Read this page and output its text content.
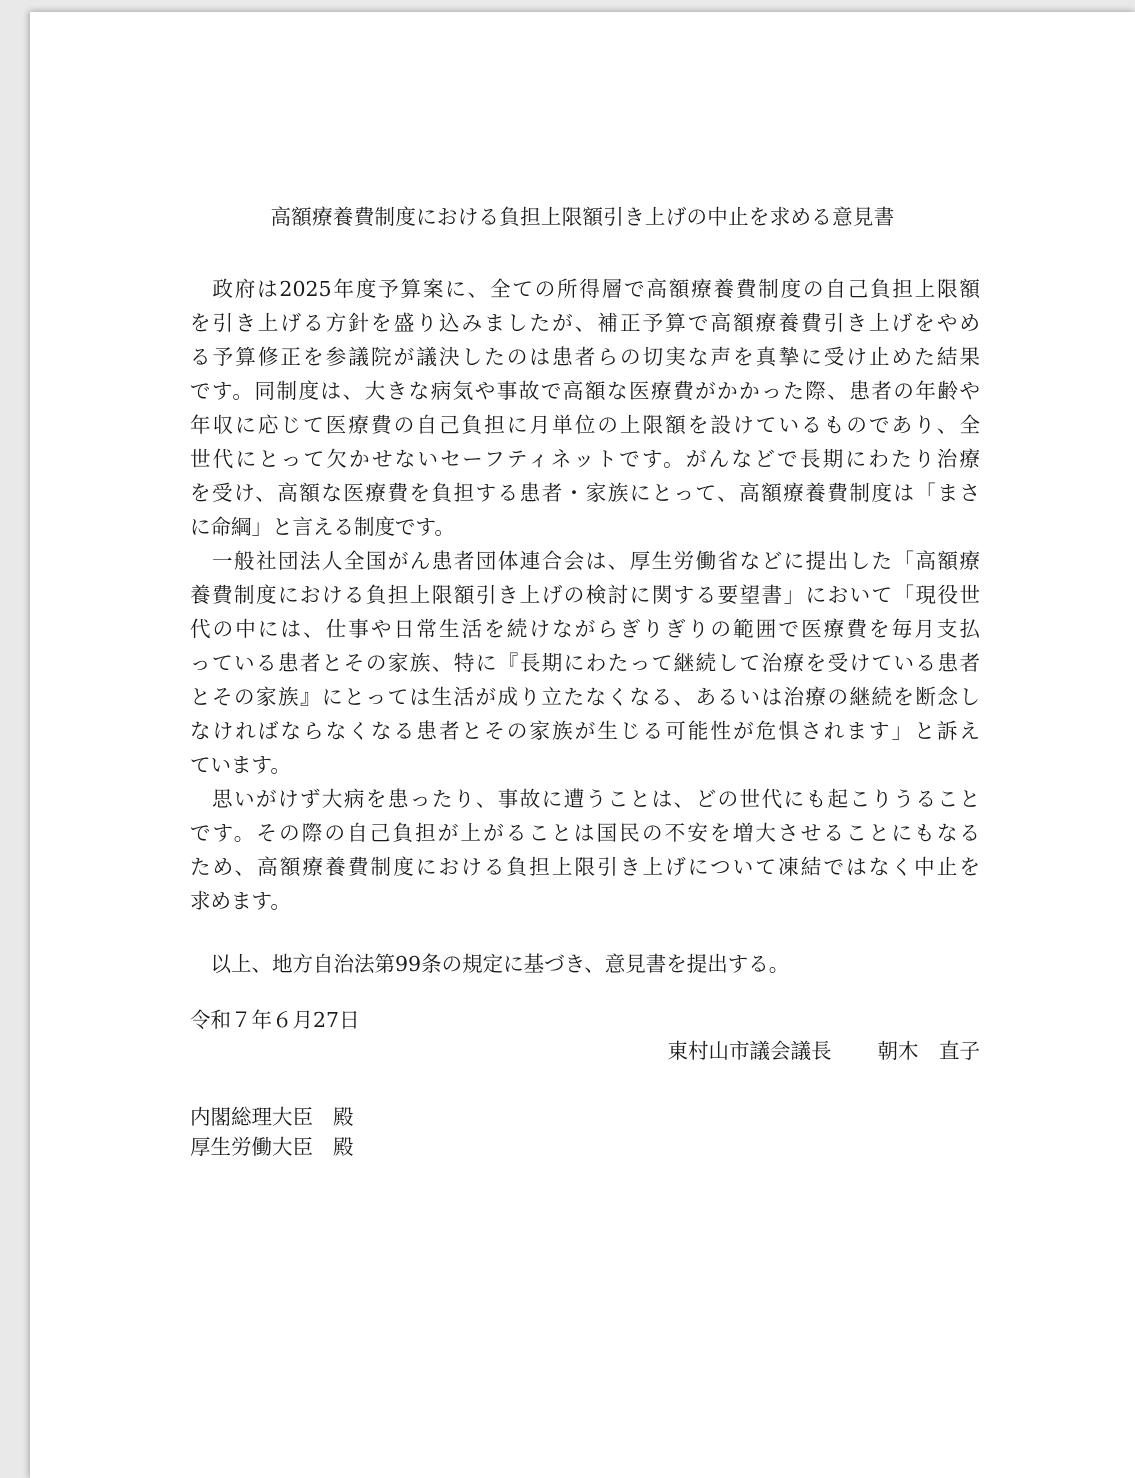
高額療養費制度における負担上限額引き上げの中止を求める意見書
　政府は2025年度予算案に、全ての所得層で高額療養費制度の自己負担上限額
を引き上げる方針を盛り込みましたが、補正予算で高額療養費引き上げをやめ
る予算修正を参議院が議決したのは患者らの切実な声を真摯に受け止めた結果
です。同制度は、大きな病気や事故で高額な医療費がかかった際、患者の年齢や
年収に応じて医療費の自己負担に月単位の上限額を設けているものであり、全
世代にとって欠かせないセーフティネットです。がんなどで長期にわたり治療
を受け、高額な医療費を負担する患者・家族にとって、高額療養費制度は「まさ
に命綱」と言える制度です。
　一般社団法人全国がん患者団体連合会は、厚生労働省などに提出した「高額療
養費制度における負担上限額引き上げの検討に関する要望書」において「現役世
代の中には、仕事や日常生活を続けながらぎりぎりの範囲で医療費を毎月支払
っている患者とその家族、特に『長期にわたって継続して治療を受けている患者
とその家族』にとっては生活が成り立たなくなる、あるいは治療の継続を断念し
なければならなくなる患者とその家族が生じる可能性が危惧されます」と訴え
ています。
　思いがけず大病を患ったり、事故に遭うことは、どの世代にも起こりうること
です。その際の自己負担が上がることは国民の不安を増大させることにもなる
ため、高額療養費制度における負担上限引き上げについて凍結ではなく中止を
求めます。
　以上、地方自治法第99条の規定に基づき、意見書を提出する。
令和７年６月27日
東村山市議会議長 朝木　直子
内閣総理大臣 殿
厚生労働大臣 殿
